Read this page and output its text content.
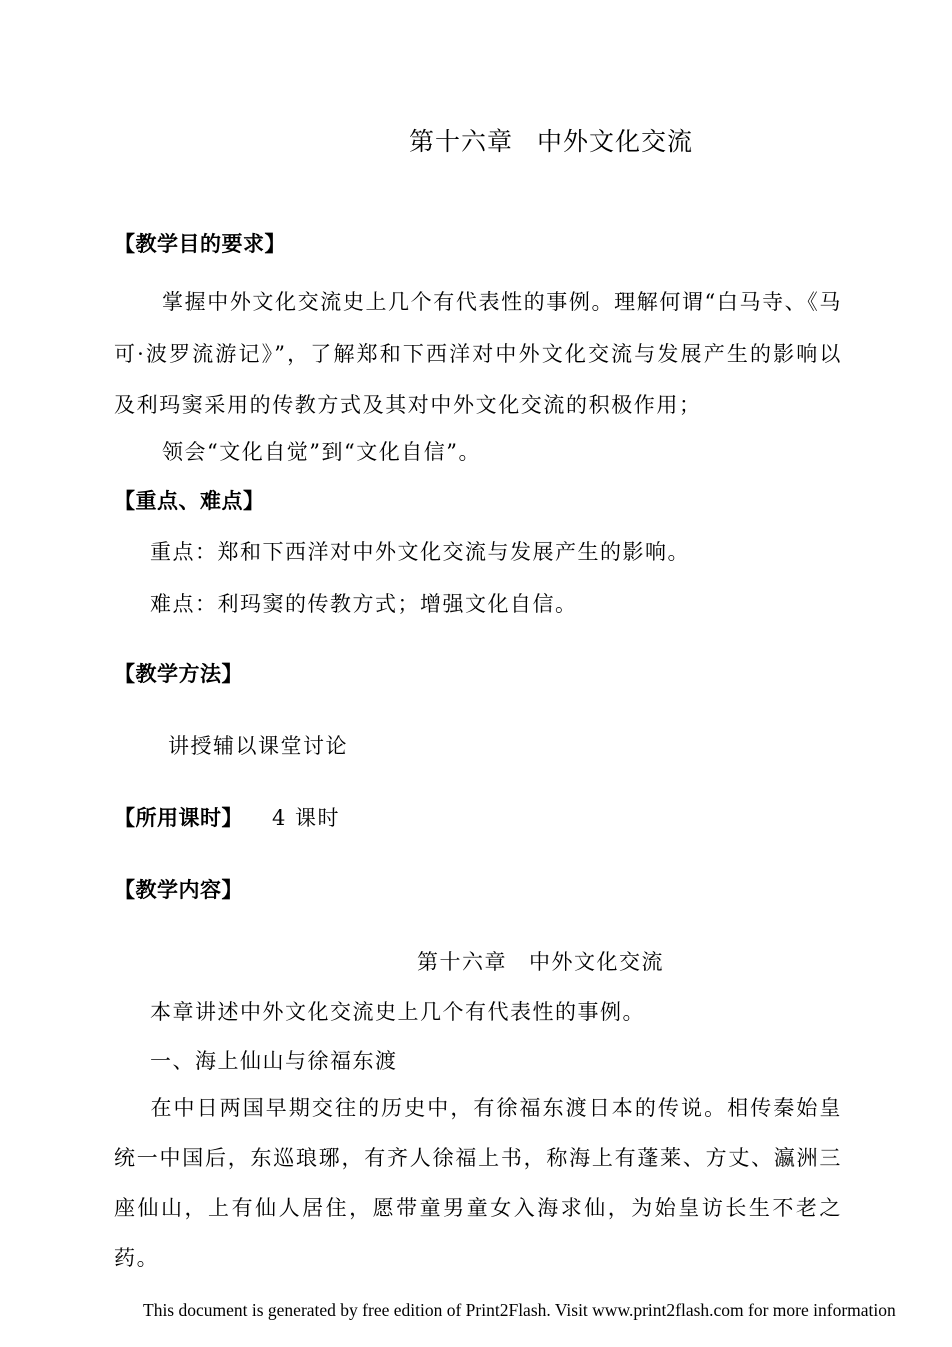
第十六章 中外文化交流
【教学目的要求】
掌握中外文化交流史上几个有代表性的事例。理解何谓“白马寺、《马可·波罗流游记》”，了解郑和下西洋对中外文化交流与发展产生的影响以及利玛窦采用的传教方式及其对中外文化交流的积极作用；
领会“文化自觉”到“文化自信”。
【重点、难点】
重点：郑和下西洋对中外文化交流与发展产生的影响。
难点：利玛窦的传教方式；增强文化自信。
【教学方法】
讲授辅以课堂讨论
【所用课时】 4 课时
【教学内容】
第十六章 中外文化交流
本章讲述中外文化交流史上几个有代表性的事例。
一、海上仙山与徐福东渡
在中日两国早期交往的历史中，有徐福东渡日本的传说。相传秦始皇统一中国后，东巡琅琊，有齐人徐福上书，称海上有蓬莱、方丈、瀛洲三座仙山，上有仙人居住，愿带童男童女入海求仙，为始皇访长生不老之药。
This document is generated by free edition of Print2Flash. Visit www.print2flash.com for more information
